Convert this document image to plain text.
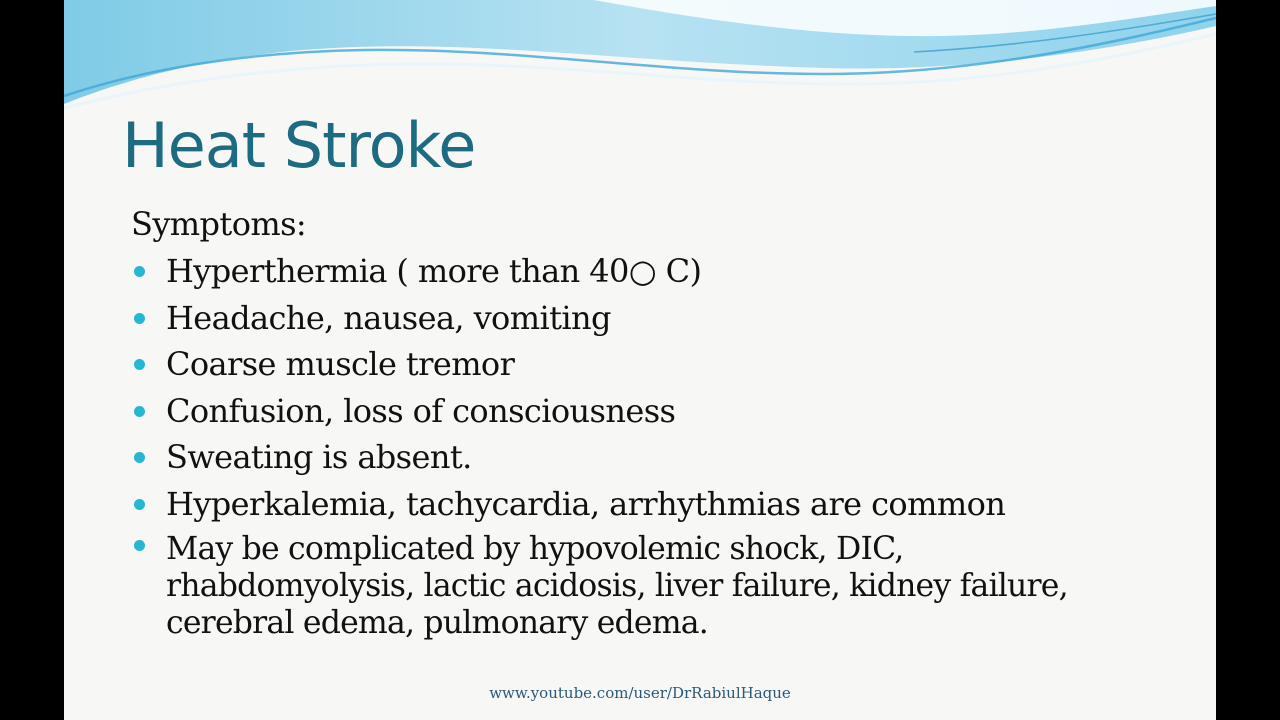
Heat Stroke
Symptoms:
Hyperthermia ( more than 40○ C)
Headache, nausea, vomiting
Coarse muscle tremor
Confusion, loss of consciousness
Sweating is absent.
Hyperkalemia, tachycardia, arrhythmias are common
May be complicated by hypovolemic shock, DIC, rhabdomyolysis, lactic acidosis, liver failure, kidney failure, cerebral edema, pulmonary edema.
www.youtube.com/user/DrRabiulHaque
